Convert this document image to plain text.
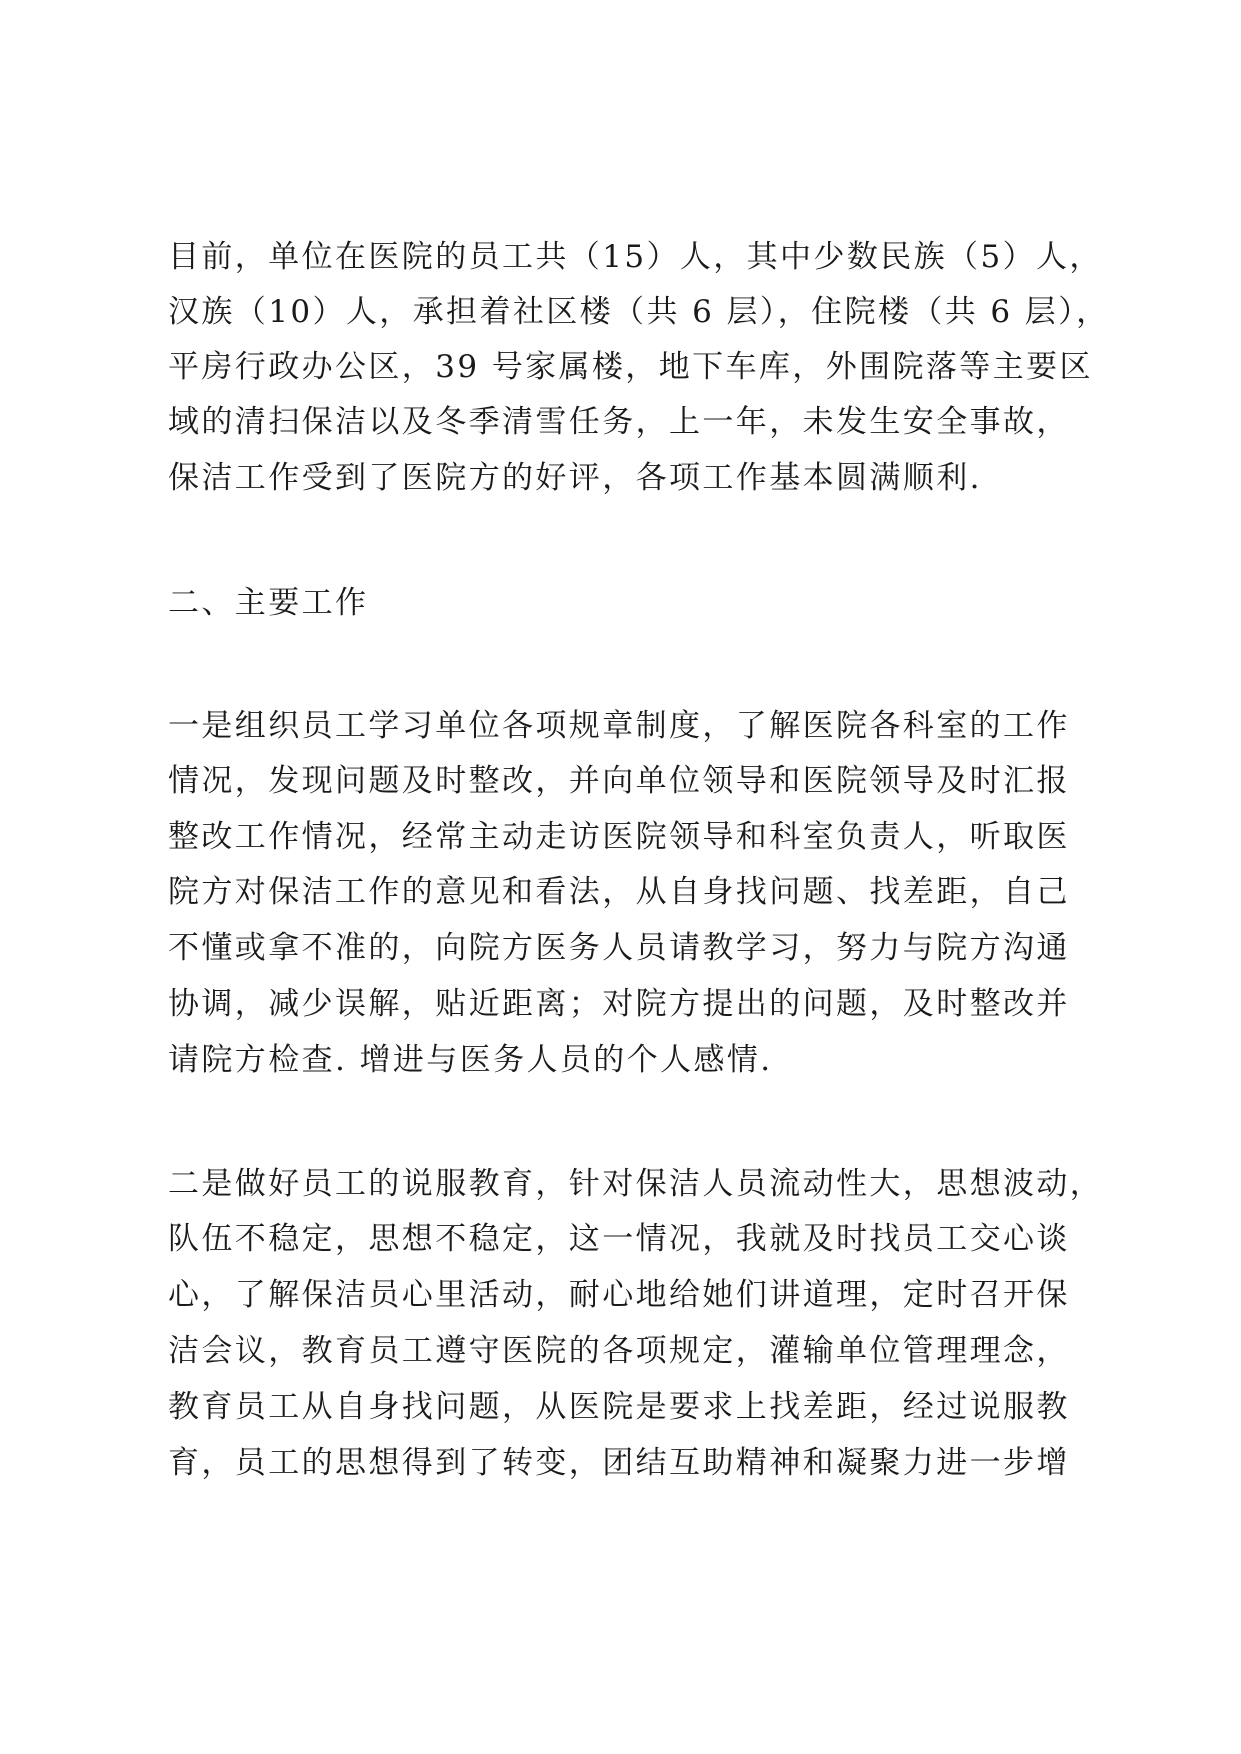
目前，单位在医院的员工共（15）人，其中少数民族（5）人，
汉族（10）人，承担着社区楼（共 6 层），住院楼（共 6 层），
平房行政办公区，39 号家属楼，地下车库，外围院落等主要区
域的清扫保洁以及冬季清雪任务，上一年，未发生安全事故，
保洁工作受到了医院方的好评，各项工作基本圆满顺利.
二、主要工作
一是组织员工学习单位各项规章制度，了解医院各科室的工作
情况，发现问题及时整改，并向单位领导和医院领导及时汇报
整改工作情况，经常主动走访医院领导和科室负责人，听取医
院方对保洁工作的意见和看法，从自身找问题、找差距，自己
不懂或拿不准的，向院方医务人员请教学习，努力与院方沟通
协调，减少误解，贴近距离；对院方提出的问题，及时整改并
请院方检查. 增进与医务人员的个人感情.
二是做好员工的说服教育，针对保洁人员流动性大，思想波动，
队伍不稳定，思想不稳定，这一情况，我就及时找员工交心谈
心，了解保洁员心里活动，耐心地给她们讲道理，定时召开保
洁会议，教育员工遵守医院的各项规定，灌输单位管理理念，
教育员工从自身找问题，从医院是要求上找差距，经过说服教
育，员工的思想得到了转变，团结互助精神和凝聚力进一步增
